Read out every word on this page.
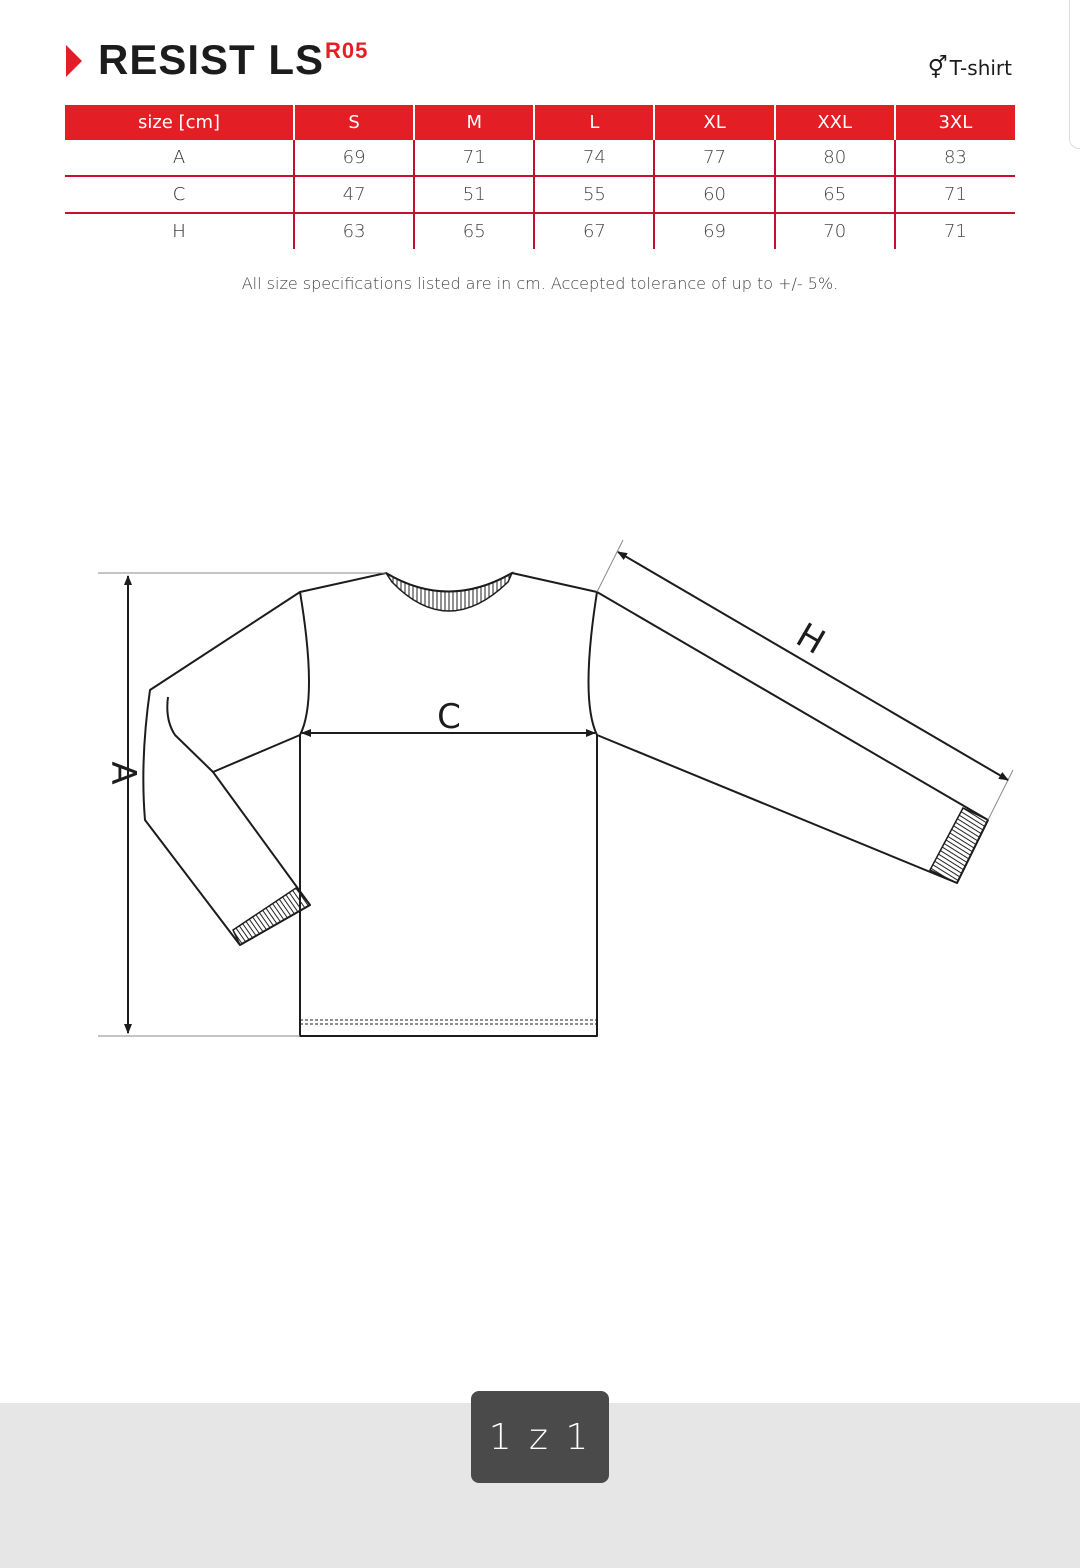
RESIST LS R05
⚥ T-shirt
size [cm]	S	M	L	XL	XXL	3XL
A	69	71	74	77	80	83
C	47	51	55	60	65	71
H	63	65	67	69	70	71
All size specifications listed are in cm. Accepted tolerance of up to +/- 5%.
A
C
H
1 z 1
